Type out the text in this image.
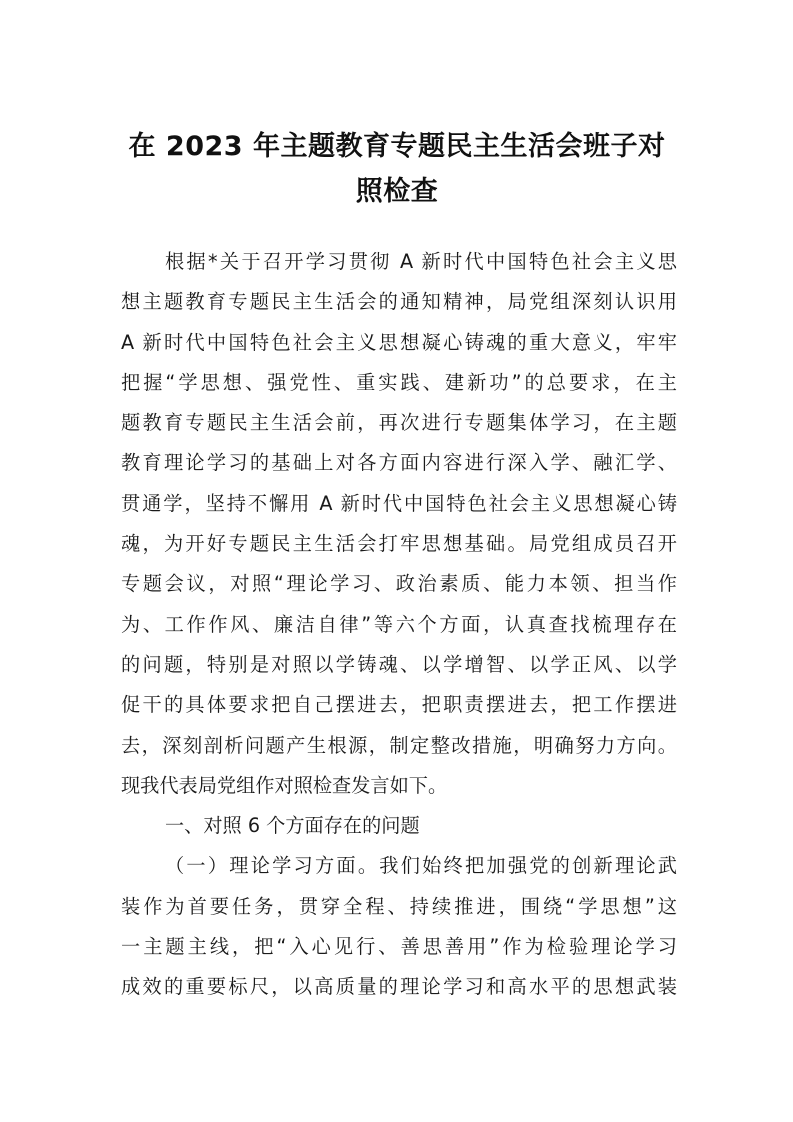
在 2023 年主题教育专题民主生活会班子对
照检查
根据*关于召开学习贯彻 A 新时代中国特色社会主义思
想主题教育专题民主生活会的通知精神，局党组深刻认识用
A 新时代中国特色社会主义思想凝心铸魂的重大意义，牢牢
把握“学思想、强党性、重实践、建新功”的总要求，在主
题教育专题民主生活会前，再次进行专题集体学习，在主题
教育理论学习的基础上对各方面内容进行深入学、融汇学、
贯通学，坚持不懈用 A 新时代中国特色社会主义思想凝心铸
魂，为开好专题民主生活会打牢思想基础。局党组成员召开
专题会议，对照“理论学习、政治素质、能力本领、担当作
为、工作作风、廉洁自律”等六个方面，认真查找梳理存在
的问题，特别是对照以学铸魂、以学增智、以学正风、以学
促干的具体要求把自己摆进去，把职责摆进去，把工作摆进
去，深刻剖析问题产生根源，制定整改措施，明确努力方向。
现我代表局党组作对照检查发言如下。
一、对照 6 个方面存在的问题
（一）理论学习方面。我们始终把加强党的创新理论武
装作为首要任务，贯穿全程、持续推进，围绕“学思想”这
一主题主线，把“入心见行、善思善用”作为检验理论学习
成效的重要标尺，以高质量的理论学习和高水平的思想武装
